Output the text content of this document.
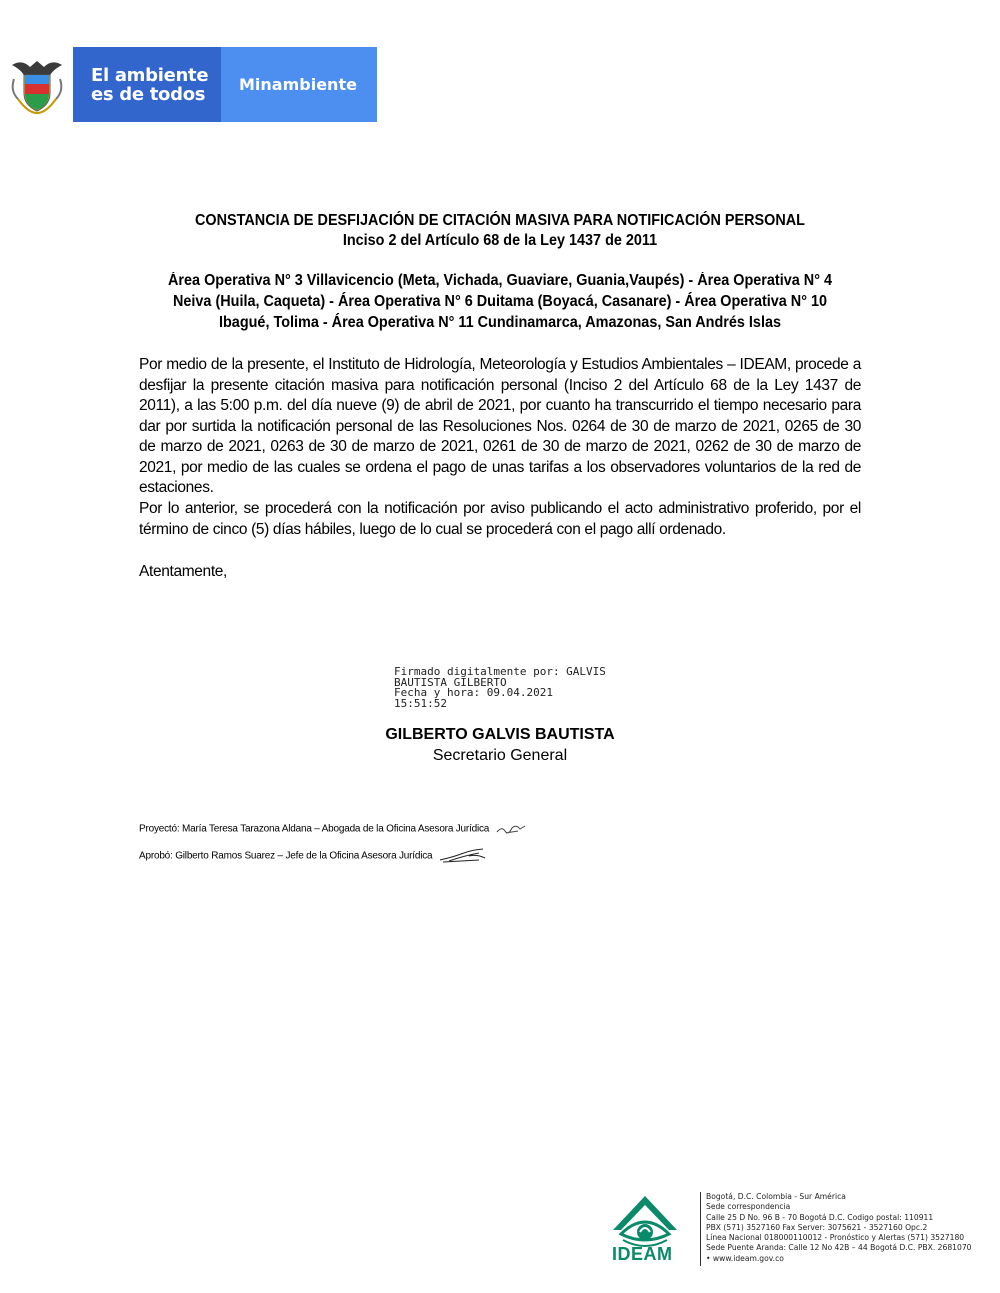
El ambiente
es de todos Minambiente
CONSTANCIA DE DESFIJACIÓN DE CITACIÓN MASIVA PARA NOTIFICACIÓN PERSONAL
Inciso 2 del Artículo 68 de la Ley 1437 de 2011
Área Operativa N° 3 Villavicencio (Meta, Vichada, Guaviare, Guania,Vaupés) - Área Operativa N° 4
Neiva (Huila, Caqueta) - Área Operativa N° 6 Duitama (Boyacá, Casanare) - Área Operativa N° 10
Ibagué, Tolima - Área Operativa N° 11 Cundinamarca, Amazonas, San Andrés Islas
Por medio de la presente, el Instituto de Hidrología, Meteorología y Estudios Ambientales – IDEAM, procede a desfijar la presente citación masiva para notificación personal (Inciso 2 del Artículo 68 de la Ley 1437 de 2011), a las 5:00 p.m. del día nueve (9) de abril de 2021, por cuanto ha transcurrido el tiempo necesario para dar por surtida la notificación personal de las Resoluciones Nos. 0264 de 30 de marzo de 2021, 0265 de 30 de marzo de 2021, 0263 de 30 de marzo de 2021, 0261 de 30 de marzo de 2021, 0262 de 30 de marzo de 2021, por medio de las cuales se ordena el pago de unas tarifas a los observadores voluntarios de la red de estaciones.
Por lo anterior, se procederá con la notificación por aviso publicando el acto administrativo proferido, por el término de cinco (5) días hábiles, luego de lo cual se procederá con el pago allí ordenado.
Atentamente,
Firmado digitalmente por: GALVIS
BAUTISTA GILBERTO
Fecha y hora: 09.04.2021
15:51:52
GILBERTO GALVIS BAUTISTA
Secretario General
Proyectó: María Teresa Tarazona Aldana – Abogada de la Oficina Asesora Jurídica
Aprobó: Gilberto Ramos Suarez – Jefe de la Oficina Asesora Jurídica
IDEAM
Bogotá, D.C. Colombia - Sur América
Sede correspondencia
Calle 25 D No. 96 B - 70 Bogotá D.C. Codigo postal: 110911
PBX (571) 3527160 Fax Server: 3075621 - 3527160 Opc.2
Línea Nacional 018000110012 - Pronóstico y Alertas (571) 3527180
Sede Puente Aranda: Calle 12 No 42B – 44 Bogotá D.C. PBX. 2681070
• www.ideam.gov.co
